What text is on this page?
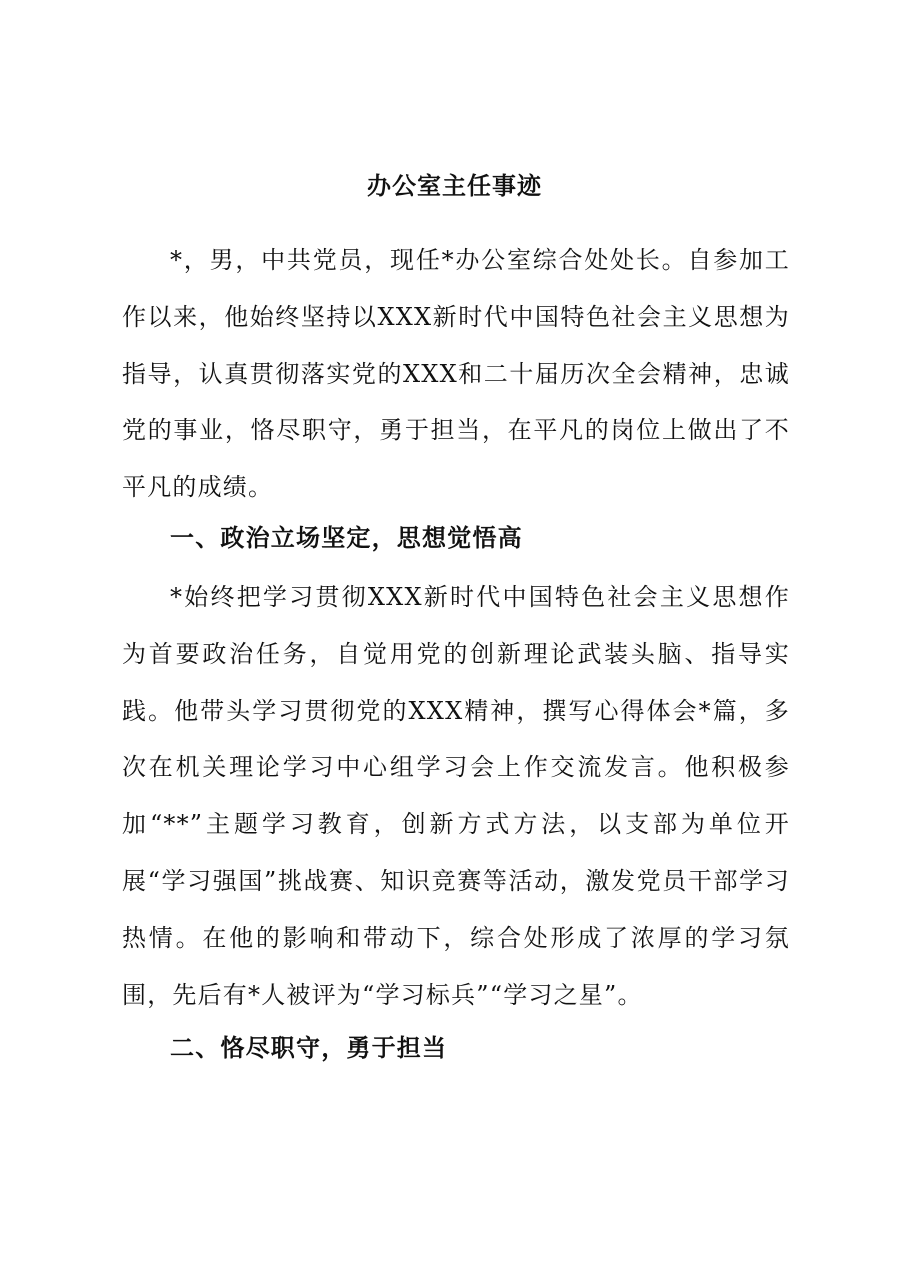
办公室主任事迹

*，男，中共党员，现任*办公室综合处处长。自参加工作以来，他始终坚持以XXX新时代中国特色社会主义思想为指导，认真贯彻落实党的XXX和二十届历次全会精神，忠诚党的事业，恪尽职守，勇于担当，在平凡的岗位上做出了不平凡的成绩。

一、政治立场坚定，思想觉悟高

*始终把学习贯彻XXX新时代中国特色社会主义思想作为首要政治任务，自觉用党的创新理论武装头脑、指导实践。他带头学习贯彻党的XXX精神，撰写心得体会*篇，多次在机关理论学习中心组学习会上作交流发言。他积极参加“**”主题学习教育，创新方式方法，以支部为单位开展“学习强国”挑战赛、知识竞赛等活动，激发党员干部学习热情。在他的影响和带动下，综合处形成了浓厚的学习氛围，先后有*人被评为“学习标兵”“学习之星”。

二、恪尽职守，勇于担当
